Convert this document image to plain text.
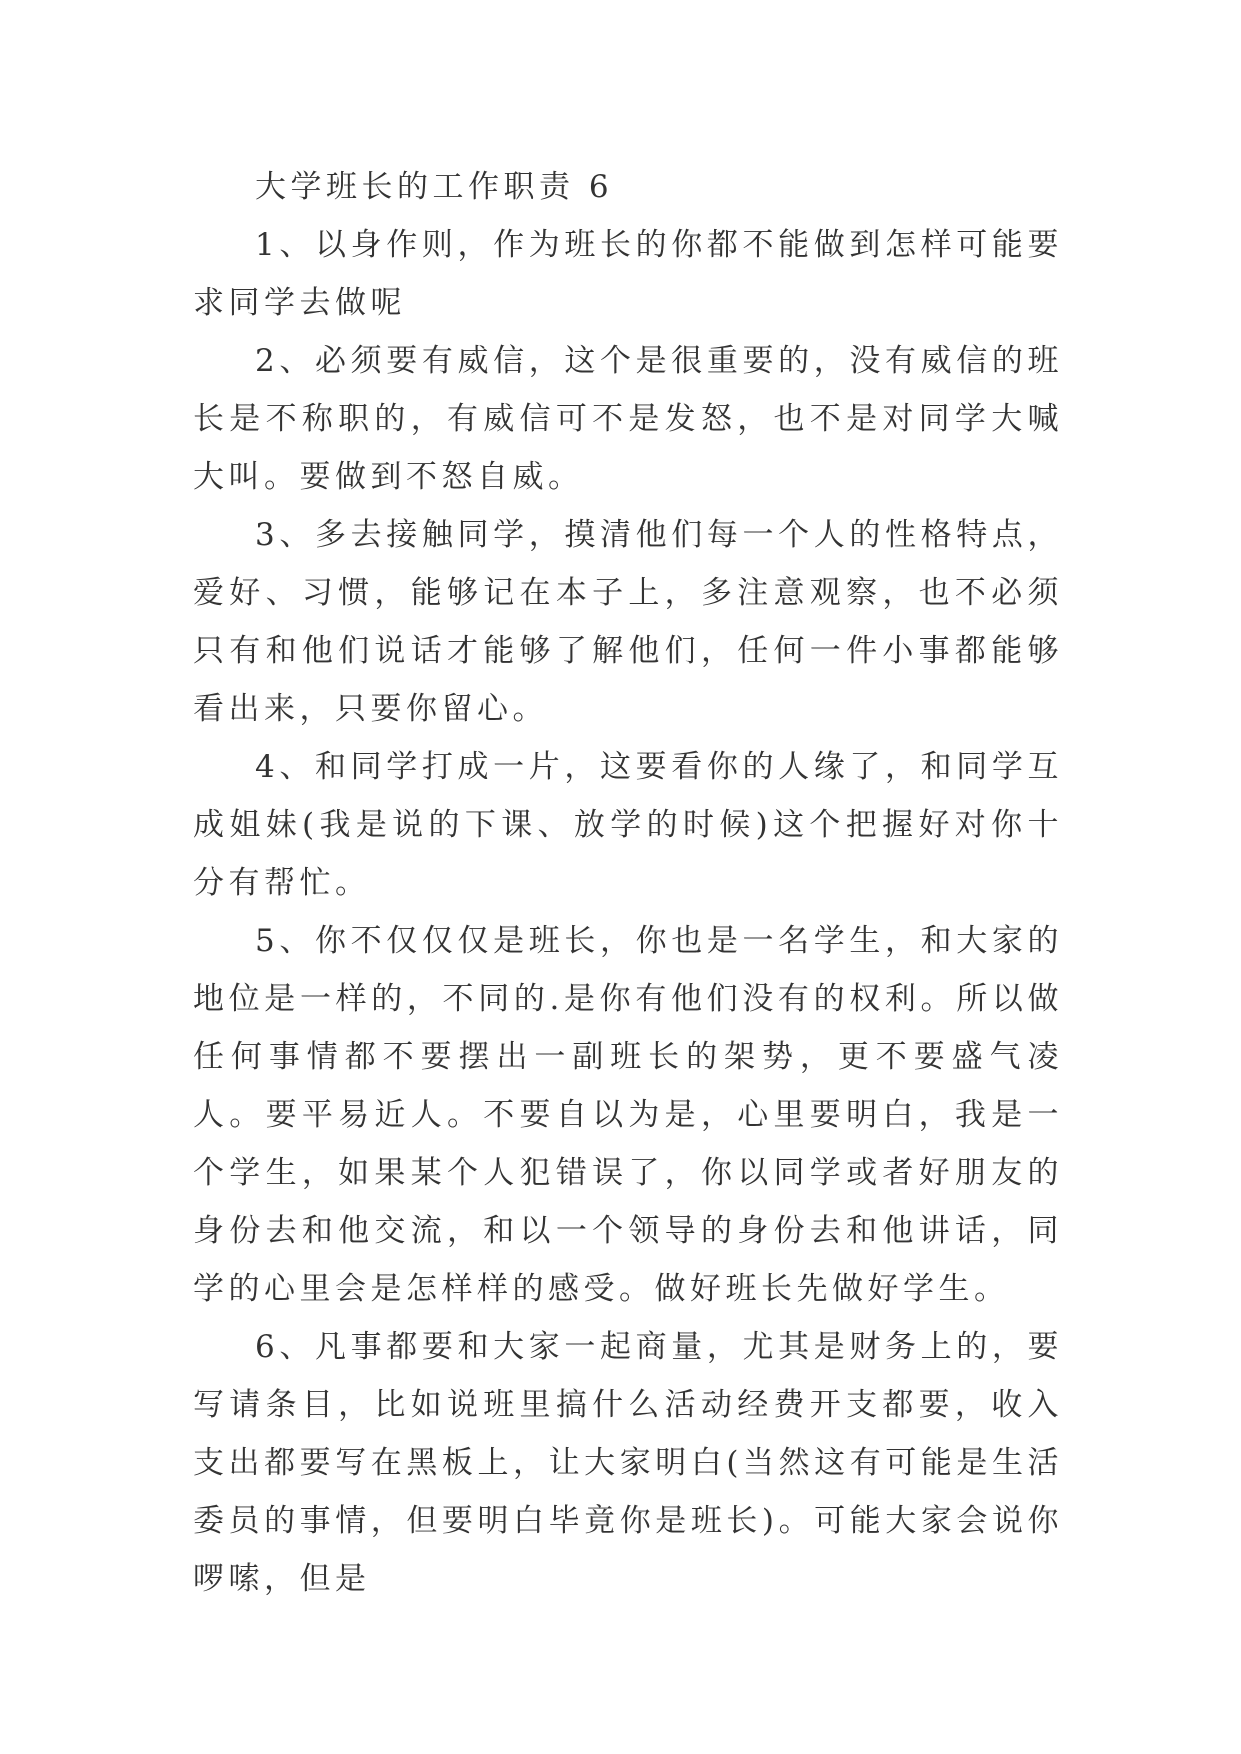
大学班长的工作职责 6

1、以身作则，作为班长的你都不能做到怎样可能要求同学去做呢

2、必须要有威信，这个是很重要的，没有威信的班长是不称职的，有威信可不是发怒，也不是对同学大喊大叫。要做到不怒自威。

3、多去接触同学，摸清他们每一个人的性格特点，爱好、习惯，能够记在本子上，多注意观察，也不必须只有和他们说话才能够了解他们，任何一件小事都能够看出来，只要你留心。

4、和同学打成一片，这要看你的人缘了，和同学互成姐妹(我是说的下课、放学的时候)这个把握好对你十分有帮忙。

5、你不仅仅仅是班长，你也是一名学生，和大家的地位是一样的，不同的.是你有他们没有的权利。所以做任何事情都不要摆出一副班长的架势，更不要盛气凌人。要平易近人。不要自以为是，心里要明白，我是一个学生，如果某个人犯错误了，你以同学或者好朋友的身份去和他交流，和以一个领导的身份去和他讲话，同学的心里会是怎样样的感受。做好班长先做好学生。

6、凡事都要和大家一起商量，尤其是财务上的，要写请条目，比如说班里搞什么活动经费开支都要，收入支出都要写在黑板上，让大家明白(当然这有可能是生活委员的事情，但要明白毕竟你是班长)。可能大家会说你啰嗦，但是
